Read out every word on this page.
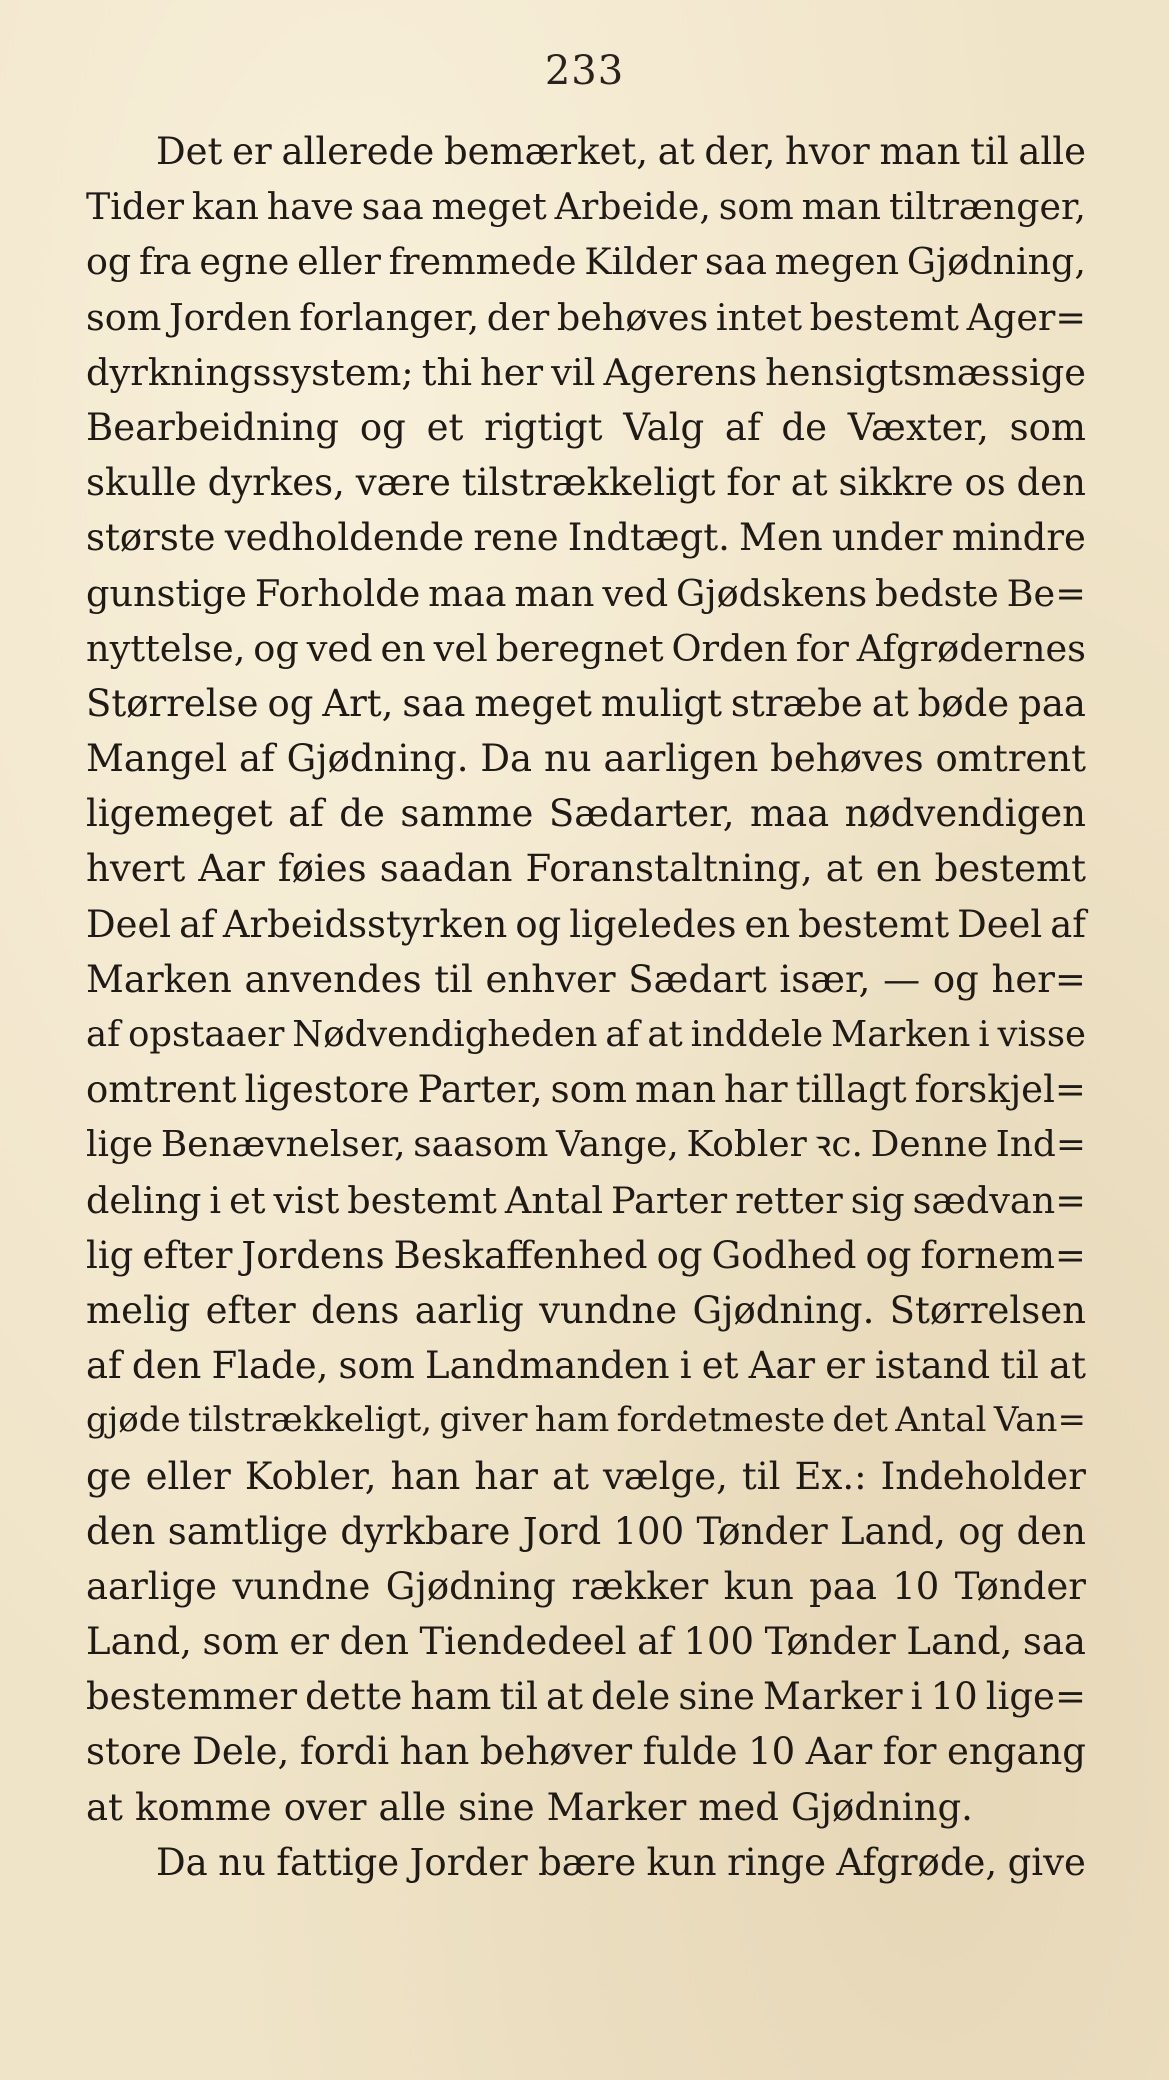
233
Det er allerede bemærket, at der, hvor man til alle
Tider kan have saa meget Arbeide, som man tiltrænger,
og fra egne eller fremmede Kilder saa megen Gjødning,
som Jorden forlanger, der behøves intet bestemt Ager=
dyrkningssystem; thi her vil Agerens hensigtsmæssige
Bearbeidning og et rigtigt Valg af de Væxter, som
skulle dyrkes, være tilstrækkeligt for at sikkre os den
største vedholdende rene Indtægt. Men under mindre
gunstige Forholde maa man ved Gjødskens bedste Be=
nyttelse, og ved en vel beregnet Orden for Afgrødernes
Størrelse og Art, saa meget muligt stræbe at bøde paa
Mangel af Gjødning. Da nu aarligen behøves omtrent
ligemeget af de samme Sædarter, maa nødvendigen
hvert Aar føies saadan Foranstaltning, at en bestemt
Deel af Arbeidsstyrken og ligeledes en bestemt Deel af
Marken anvendes til enhver Sædart især, — og her=
af opstaaer Nødvendigheden af at inddele Marken i visse
omtrent ligestore Parter, som man har tillagt forskjel=
lige Benævnelser, saasom Vange, Kobler ꝛc. Denne Ind=
deling i et vist bestemt Antal Parter retter sig sædvan=
lig efter Jordens Beskaffenhed og Godhed og fornem=
melig efter dens aarlig vundne Gjødning. Størrelsen
af den Flade, som Landmanden i et Aar er istand til at
gjøde tilstrækkeligt, giver ham fordetmeste det Antal Van=
ge eller Kobler, han har at vælge, til Ex.: Indeholder
den samtlige dyrkbare Jord 100 Tønder Land, og den
aarlige vundne Gjødning rækker kun paa 10 Tønder
Land, som er den Tiendedeel af 100 Tønder Land, saa
bestemmer dette ham til at dele sine Marker i 10 lige=
store Dele, fordi han behøver fulde 10 Aar for engang
at komme over alle sine Marker med Gjødning.
Da nu fattige Jorder bære kun ringe Afgrøde, give
